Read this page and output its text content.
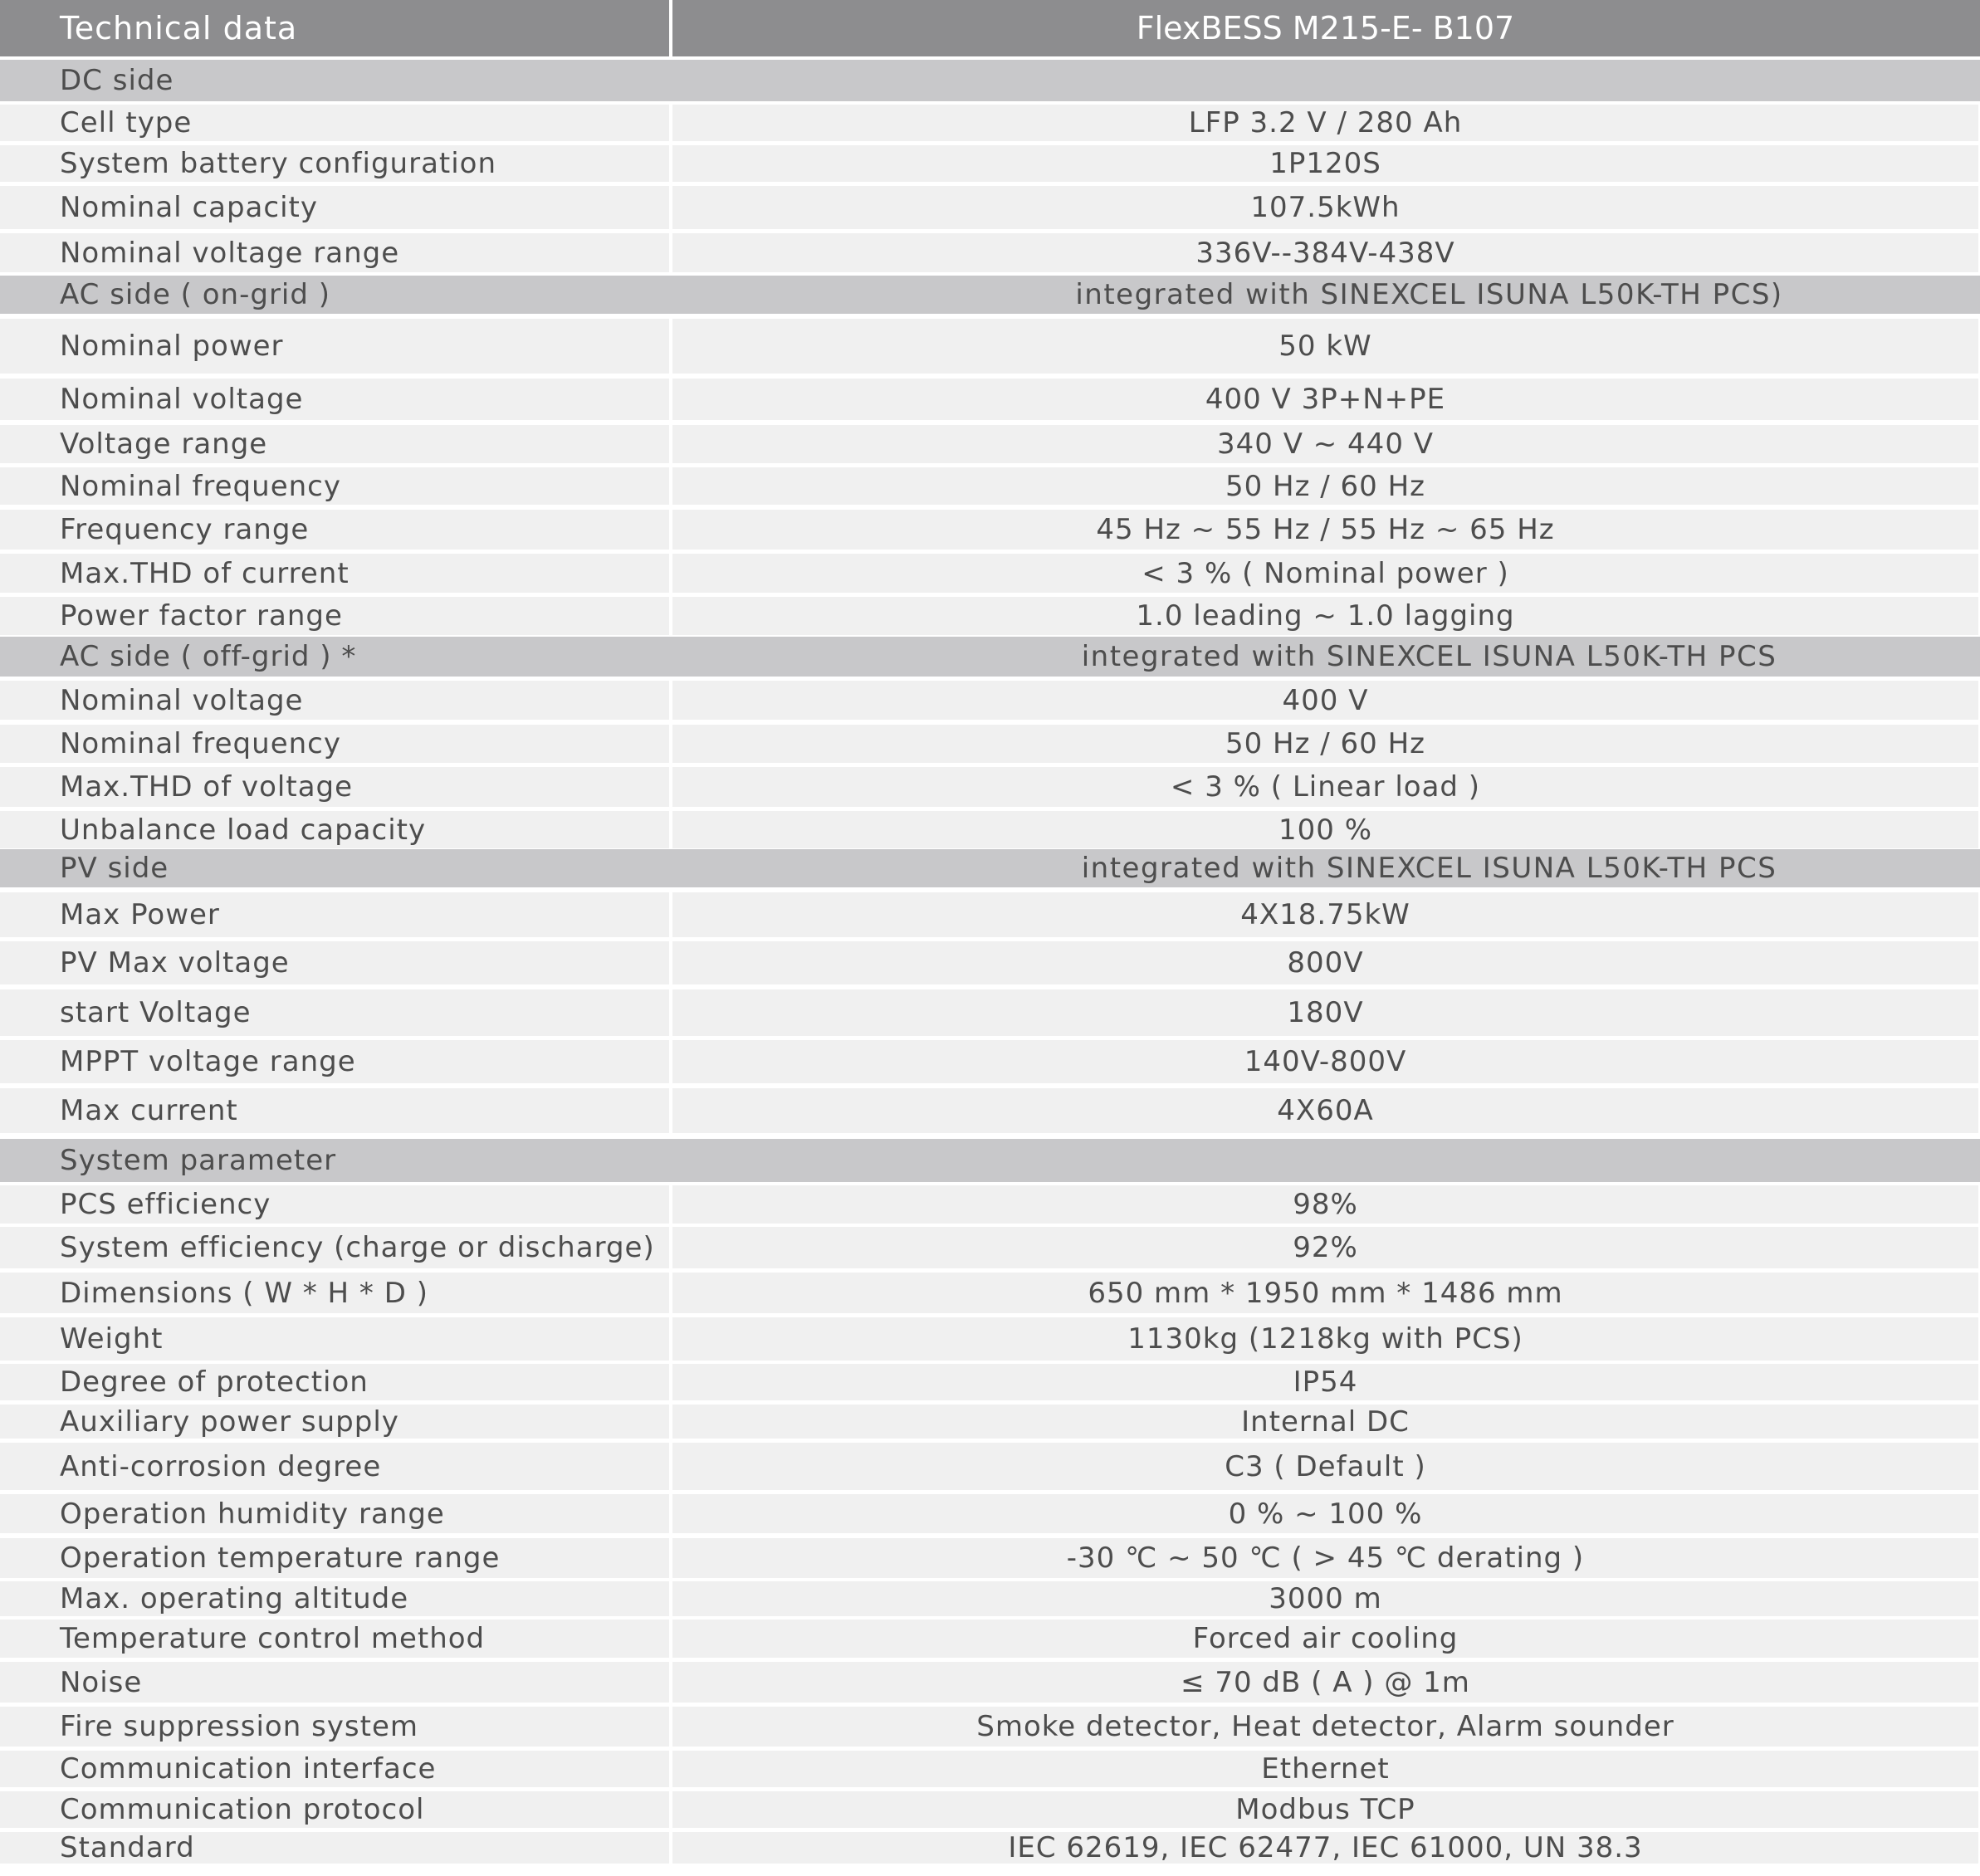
Technical data	FlexBESS M215-E- B107
DC side
Cell type	LFP 3.2 V / 280 Ah
System battery configuration	1P120S
Nominal capacity	107.5kWh
Nominal voltage range	336V--384V-438V
AC side ( on-grid )	integrated with SINEXCEL ISUNA L50K-TH PCS)
Nominal power	50 kW
Nominal voltage	400 V 3P+N+PE
Voltage range	340 V ~ 440 V
Nominal frequency	50 Hz / 60 Hz
Frequency range	45 Hz ~ 55 Hz / 55 Hz ~ 65 Hz
Max.THD of current	< 3 % ( Nominal power )
Power factor range	1.0 leading ~ 1.0 lagging
AC side ( off-grid ) *	integrated with SINEXCEL ISUNA L50K-TH PCS
Nominal voltage	400 V
Nominal frequency	50 Hz / 60 Hz
Max.THD of voltage	< 3 % ( Linear load )
Unbalance load capacity	100 %
PV side	integrated with SINEXCEL ISUNA L50K-TH PCS
Max Power	4X18.75kW
PV Max voltage	800V
start Voltage	180V
MPPT voltage range	140V-800V
Max current	4X60A
System parameter
PCS efficiency	98%
System efficiency (charge or discharge)	92%
Dimensions ( W * H * D )	650 mm * 1950 mm * 1486 mm
Weight	1130kg (1218kg with PCS)
Degree of protection	IP54
Auxiliary power supply	Internal DC
Anti-corrosion degree	C3 ( Default )
Operation humidity range	0 % ~ 100 %
Operation temperature range	-30 ℃ ~ 50 ℃ ( > 45 ℃ derating )
Max. operating altitude	3000 m
Temperature control method	Forced air cooling
Noise	≤ 70 dB ( A ) @ 1m
Fire suppression system	Smoke detector, Heat detector, Alarm sounder
Communication interface	Ethernet
Communication protocol	Modbus TCP
Standard	IEC 62619, IEC 62477, IEC 61000, UN 38.3
